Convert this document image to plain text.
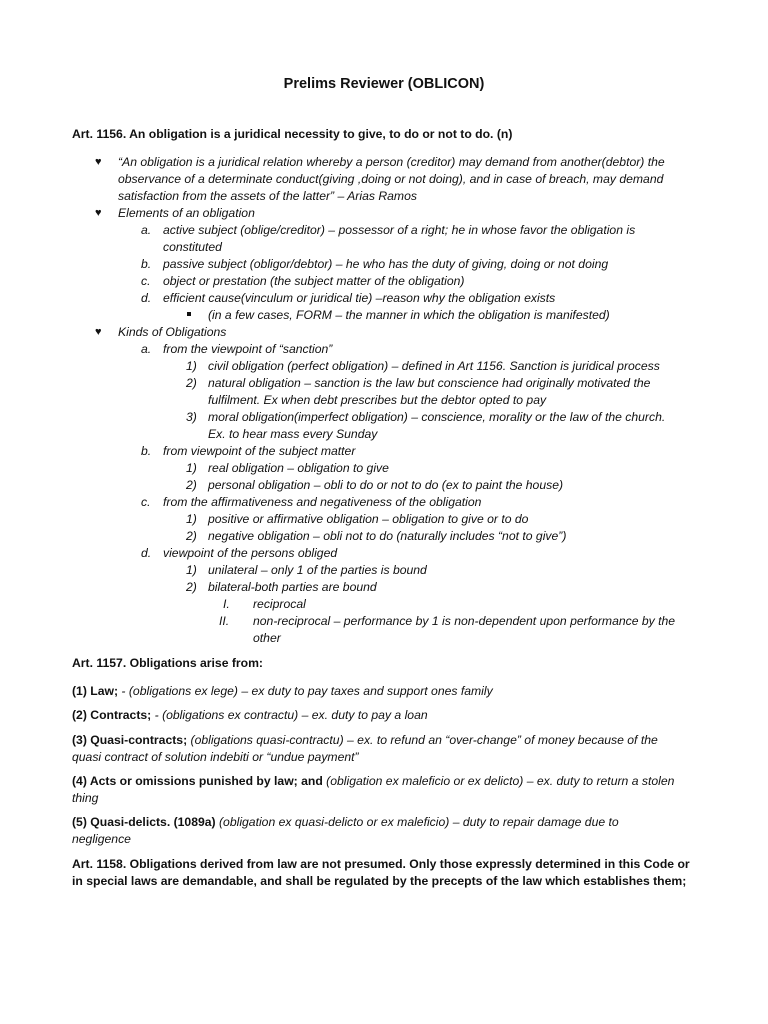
Prelims Reviewer (OBLICON)
Art. 1156. An obligation is a juridical necessity to give, to do or not to do. (n)
♥ “An obligation is a juridical relation whereby a person (creditor) may demand from another(debtor) the
observance of a determinate conduct(giving ,doing or not doing), and in case of breach, may demand
satisfaction from the assets of the latter” – Arias Ramos
♥ Elements of an obligation
a. active subject (oblige/creditor) – possessor of a right; he in whose favor the obligation is
constituted
b. passive subject (obligor/debtor) – he who has the duty of giving, doing or not doing
c. object or prestation (the subject matter of the obligation)
d. efficient cause(vinculum or juridical tie) –reason why the obligation exists
(in a few cases, FORM – the manner in which the obligation is manifested)
♥ Kinds of Obligations
a. from the viewpoint of “sanction”
1) civil obligation (perfect obligation) – defined in Art 1156. Sanction is juridical process
2) natural obligation – sanction is the law but conscience had originally motivated the
fulfilment. Ex when debt prescribes but the debtor opted to pay
3) moral obligation(imperfect obligation) – conscience, morality or the law of the church.
Ex. to hear mass every Sunday
b. from viewpoint of the subject matter
1) real obligation – obligation to give
2) personal obligation – obli to do or not to do (ex to paint the house)
c. from the affirmativeness and negativeness of the obligation
1) positive or affirmative obligation – obligation to give or to do
2) negative obligation – obli not to do (naturally includes “not to give”)
d. viewpoint of the persons obliged
1) unilateral – only 1 of the parties is bound
2) bilateral-both parties are bound
I. reciprocal
II. non-reciprocal – performance by 1 is non-dependent upon performance by the
other
Art. 1157. Obligations arise from:
(1) Law; - (obligations ex lege) – ex duty to pay taxes and support ones family
(2) Contracts; - (obligations ex contractu) – ex. duty to pay a loan
(3) Quasi-contracts; (obligations quasi-contractu) – ex. to refund an “over-change” of money because of the
quasi contract of solution indebiti or “undue payment”
(4) Acts or omissions punished by law; and (obligation ex maleficio or ex delicto) – ex. duty to return a stolen
thing
(5) Quasi-delicts. (1089a) (obligation ex quasi-delicto or ex maleficio) – duty to repair damage due to
negligence
Art. 1158. Obligations derived from law are not presumed. Only those expressly determined in this Code or
in special laws are demandable, and shall be regulated by the precepts of the law which establishes them;
